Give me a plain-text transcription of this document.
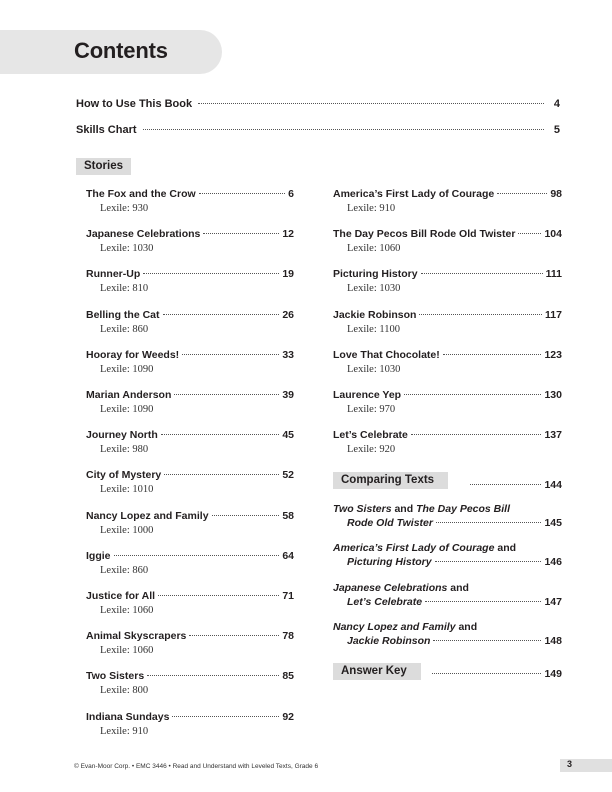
Contents
How to Use This Book	4
Skills Chart	5
Stories
The Fox and the Crow	6
Lexile: 930
Japanese Celebrations	12
Lexile: 1030
Runner-Up	19
Lexile: 810
Belling the Cat	26
Lexile: 860
Hooray for Weeds!	33
Lexile: 1090
Marian Anderson	39
Lexile: 1090
Journey North	45
Lexile: 980
City of Mystery	52
Lexile: 1010
Nancy Lopez and Family	58
Lexile: 1000
Iggie	64
Lexile: 860
Justice for All	71
Lexile: 1060
Animal Skyscrapers	78
Lexile: 1060
Two Sisters	85
Lexile: 800
Indiana Sundays	92
Lexile: 910
America’s First Lady of Courage	98
Lexile: 910
The Day Pecos Bill Rode Old Twister	104
Lexile: 1060
Picturing History	111
Lexile: 1030
Jackie Robinson	117
Lexile: 1100
Love That Chocolate!	123
Lexile: 1030
Laurence Yep	130
Lexile: 970
Let’s Celebrate	137
Lexile: 920
Comparing Texts	144
Two Sisters and The Day Pecos Bill
Rode Old Twister	145
America’s First Lady of Courage and
Picturing History	146
Japanese Celebrations and
Let’s Celebrate	147
Nancy Lopez and Family and
Jackie Robinson	148
Answer Key	149
© Evan-Moor Corp. • EMC 3446 • Read and Understand with Leveled Texts, Grade 6	3
